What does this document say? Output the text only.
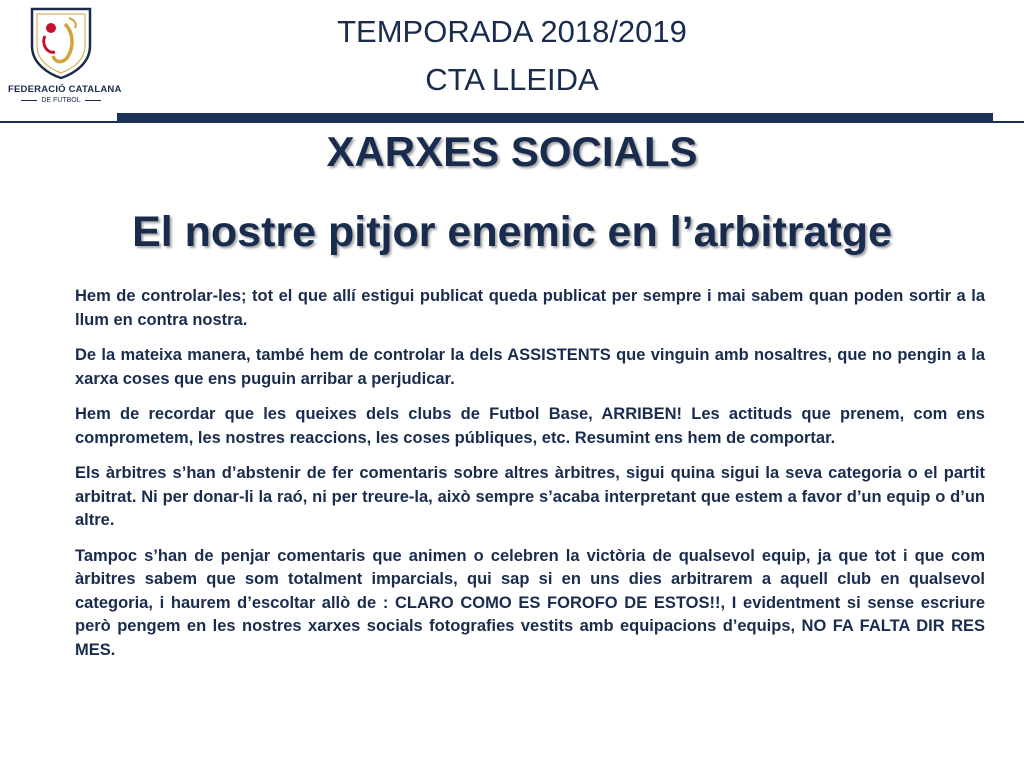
FEDERACIÓ CATALANA
DE FUTBOL
TEMPORADA 2018/2019
CTA LLEIDA
XARXES SOCIALS
El nostre pitjor enemic en l’arbitratge

Hem de controlar-les; tot el que allí estigui publicat queda publicat per sempre i mai sabem quan poden sortir a la llum en contra nostra.

De la mateixa manera, també hem de controlar la dels ASSISTENTS que vinguin amb nosaltres, que no pengin a la xarxa coses que ens puguin arribar a perjudicar.

Hem de recordar que les queixes dels clubs de Futbol Base, ARRIBEN! Les actituds que prenem, com ens comprometem, les nostres reaccions, les coses públiques, etc. Resumint ens hem de comportar.

Els àrbitres s’han d’abstenir de fer comentaris sobre altres àrbitres, sigui quina sigui la seva categoria o el partit arbitrat. Ni per donar-li la raó, ni per treure-la, això sempre s’acaba interpretant que estem a favor d’un equip o d’un altre.

Tampoc s’han de penjar comentaris que animen o celebren la victòria de qualsevol equip, ja que tot i que com àrbitres sabem que som totalment imparcials, qui sap si en uns dies arbitrarem a aquell club en qualsevol categoria, i haurem d’escoltar allò de : CLARO COMO ES FOROFO DE ESTOS!!, I evidentment si sense escriure però pengem en les nostres xarxes socials fotografies vestits amb equipacions d’equips, NO FA FALTA DIR RES MES.
